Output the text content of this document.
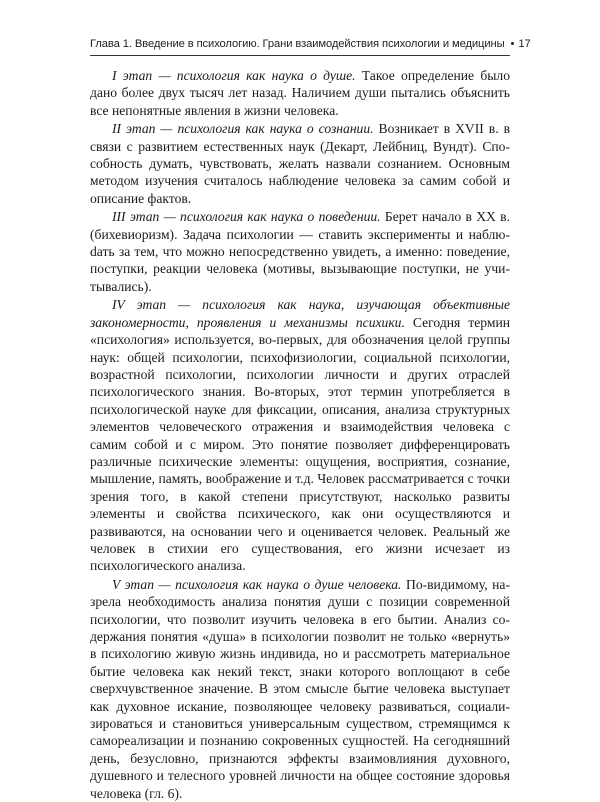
Глава 1. Введение в психологию. Грани взаимодействия психологии и медицины • 17

I этап — психология как наука о душе. Такое определение было дано более двух тысяч лет назад. Наличием души пытались объяснить все непонятные явления в жизни человека.

II этап — психология как наука о сознании. Возникает в XVII в. в связи с развитием естественных наук (Декарт, Лейбниц, Вундт). Способность думать, чувствовать, желать назвали сознанием. Основным методом изучения считалось наблюдение человека за самим собой и описание фактов.

III этап — психология как наука о поведении. Берет начало в XX в. (бихевиоризм). Задача психологии — ставить эксперименты и наблюdать за тем, что можно непосредственно увидеть, а именно: поведение, поступки, реакции человека (мотивы, вызывающие поступки, не учитывались).

IV этап — психология как наука, изучающая объективные закономерности, проявления и механизмы психики. Сегодня термин «психология» используется, во-первых, для обозначения целой группы наук: общей психологии, психофизиологии, социальной психологии, возрастной психологии, психологии личности и других отраслей психологического знания. Во-вторых, этот термин употребляется в психологической науке для фиксации, описания, анализа структурных элементов человеческого отражения и взаимодействия человека с самим собой и с миром. Это понятие позволяет дифференцировать различные психические элементы: ощущения, восприятия, сознание, мышление, память, воображение и т.д. Человек рассматривается с точки зрения того, в какой степени присутствуют, насколько развиты элементы и свойства психического, как они осуществляются и развиваются, на основании чего и оценивается человек. Реальный же человек в стихии его существования, его жизни исчезает из психологического анализа.

V этап — психология как наука о душе человека. По-видимому, назрела необходимость анализа понятия души с позиции современной психологии, что позволит изучить человека в его бытии. Анализ содержания понятия «душа» в психологии позволит не только «вернуть» в психологию живую жизнь индивида, но и рассмотреть материальное бытие человека как некий текст, знаки которого воплощают в себе сверхчувственное значение. В этом смысле бытие человека выступает как духовное искание, позволяющее человеку развиваться, социализироваться и становиться универсальным существом, стремящимся к самореализации и познанию сокровенных сущностей. На сегодняшний день, безусловно, признаются эффекты взаимовлияния духовного, душевного и телесного уровней личности на общее состояние здоровья человека (гл. 6).
